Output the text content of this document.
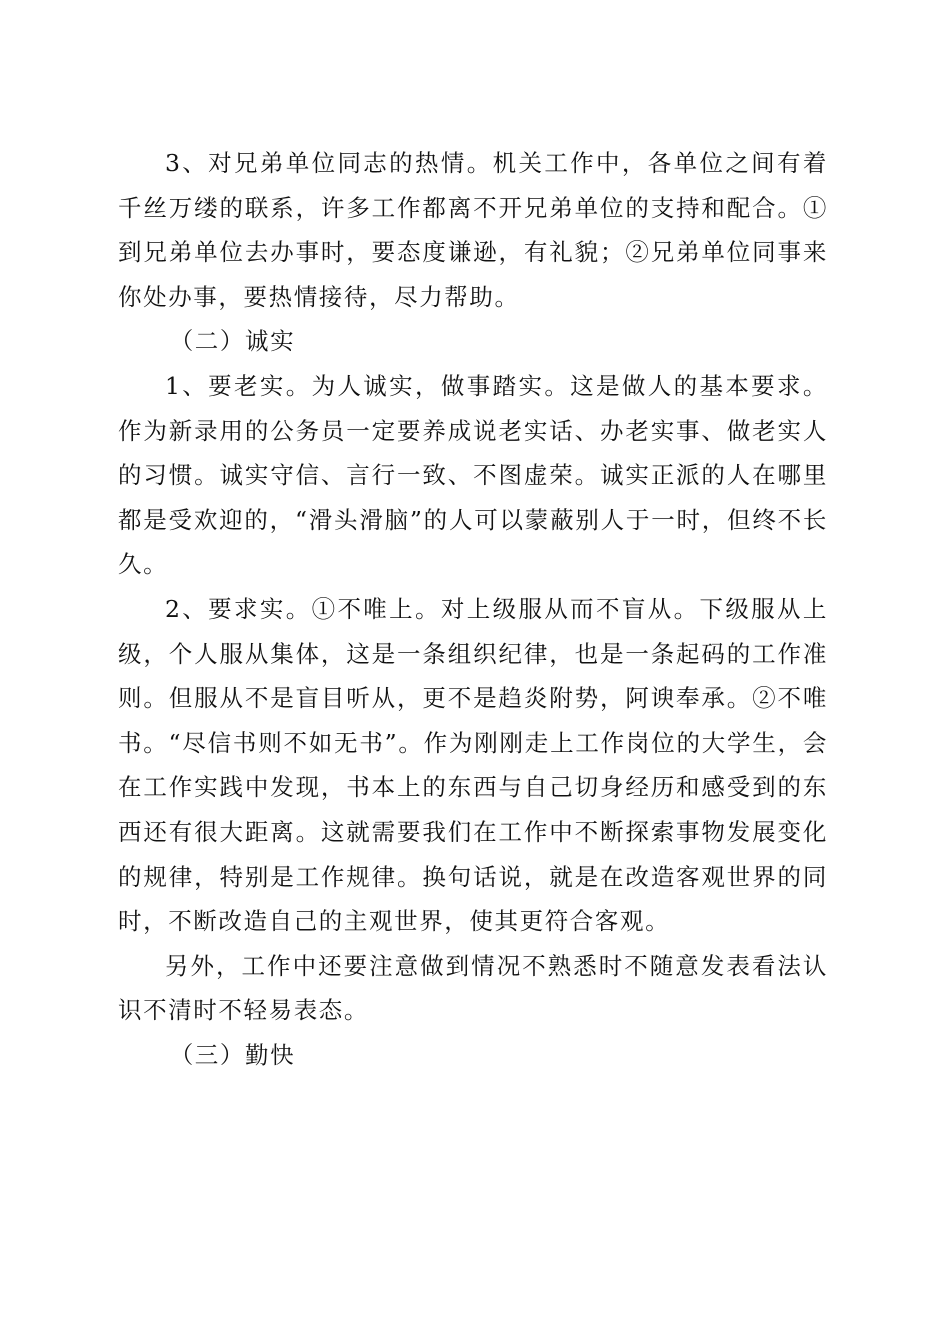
3、对兄弟单位同志的热情。机关工作中，各单位之间有着千丝万缕的联系，许多工作都离不开兄弟单位的支持和配合。①到兄弟单位去办事时，要态度谦逊，有礼貌；②兄弟单位同事来你处办事，要热情接待，尽力帮助。

（二）诚实

1、要老实。为人诚实，做事踏实。这是做人的基本要求。作为新录用的公务员一定要养成说老实话、办老实事、做老实人的习惯。诚实守信、言行一致、不图虚荣。诚实正派的人在哪里都是受欢迎的，“滑头滑脑”的人可以蒙蔽别人于一时，但终不长久。

2、要求实。①不唯上。对上级服从而不盲从。下级服从上级，个人服从集体，这是一条组织纪律，也是一条起码的工作准则。但服从不是盲目听从，更不是趋炎附势，阿谀奉承。②不唯书。“尽信书则不如无书”。作为刚刚走上工作岗位的大学生，会在工作实践中发现，书本上的东西与自己切身经历和感受到的东西还有很大距离。这就需要我们在工作中不断探索事物发展变化的规律，特别是工作规律。换句话说，就是在改造客观世界的同时，不断改造自己的主观世界，使其更符合客观。

另外，工作中还要注意做到情况不熟悉时不随意发表看法认识不清时不轻易表态。

（三）勤快
